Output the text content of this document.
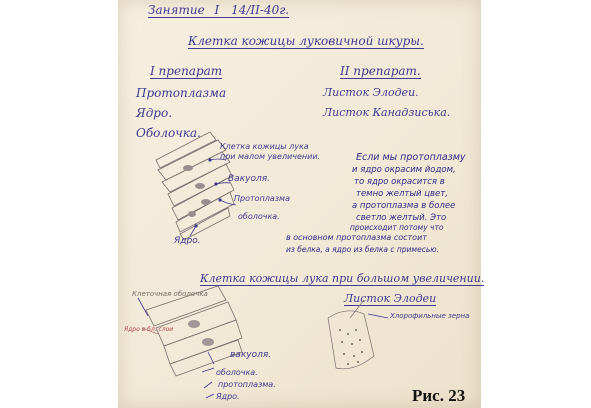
Занятие I 14/II-40г.
Клетка кожицы луковичной шкуры.
I препарат
Протоплазма
Ядро.
Оболочка.
II препарат.
Листок Элодеи.
Листок Канадзиська.
Клетка кожицы лука
при малом увеличении.
Вакуоля.
Протоплазма
оболочка.
Ядро.
Если мы протоплазму
и ядро окрасим йодом,
то ядро окрасится в
темно желтый цвет,
а протоплазма в более
светло желтый. Это
происходит потому что
в основном протоплазма состоит
из белка, а ядро из белка с примесью.
Клетка кожицы лука при большом увеличении.
Листок Элодеи
Клеточная оболочка
Ядро в бл. слои
вакуоля.
оболочка.
протоплазма.
Ядро.
Хлорофильные зерна
Рис. 23
